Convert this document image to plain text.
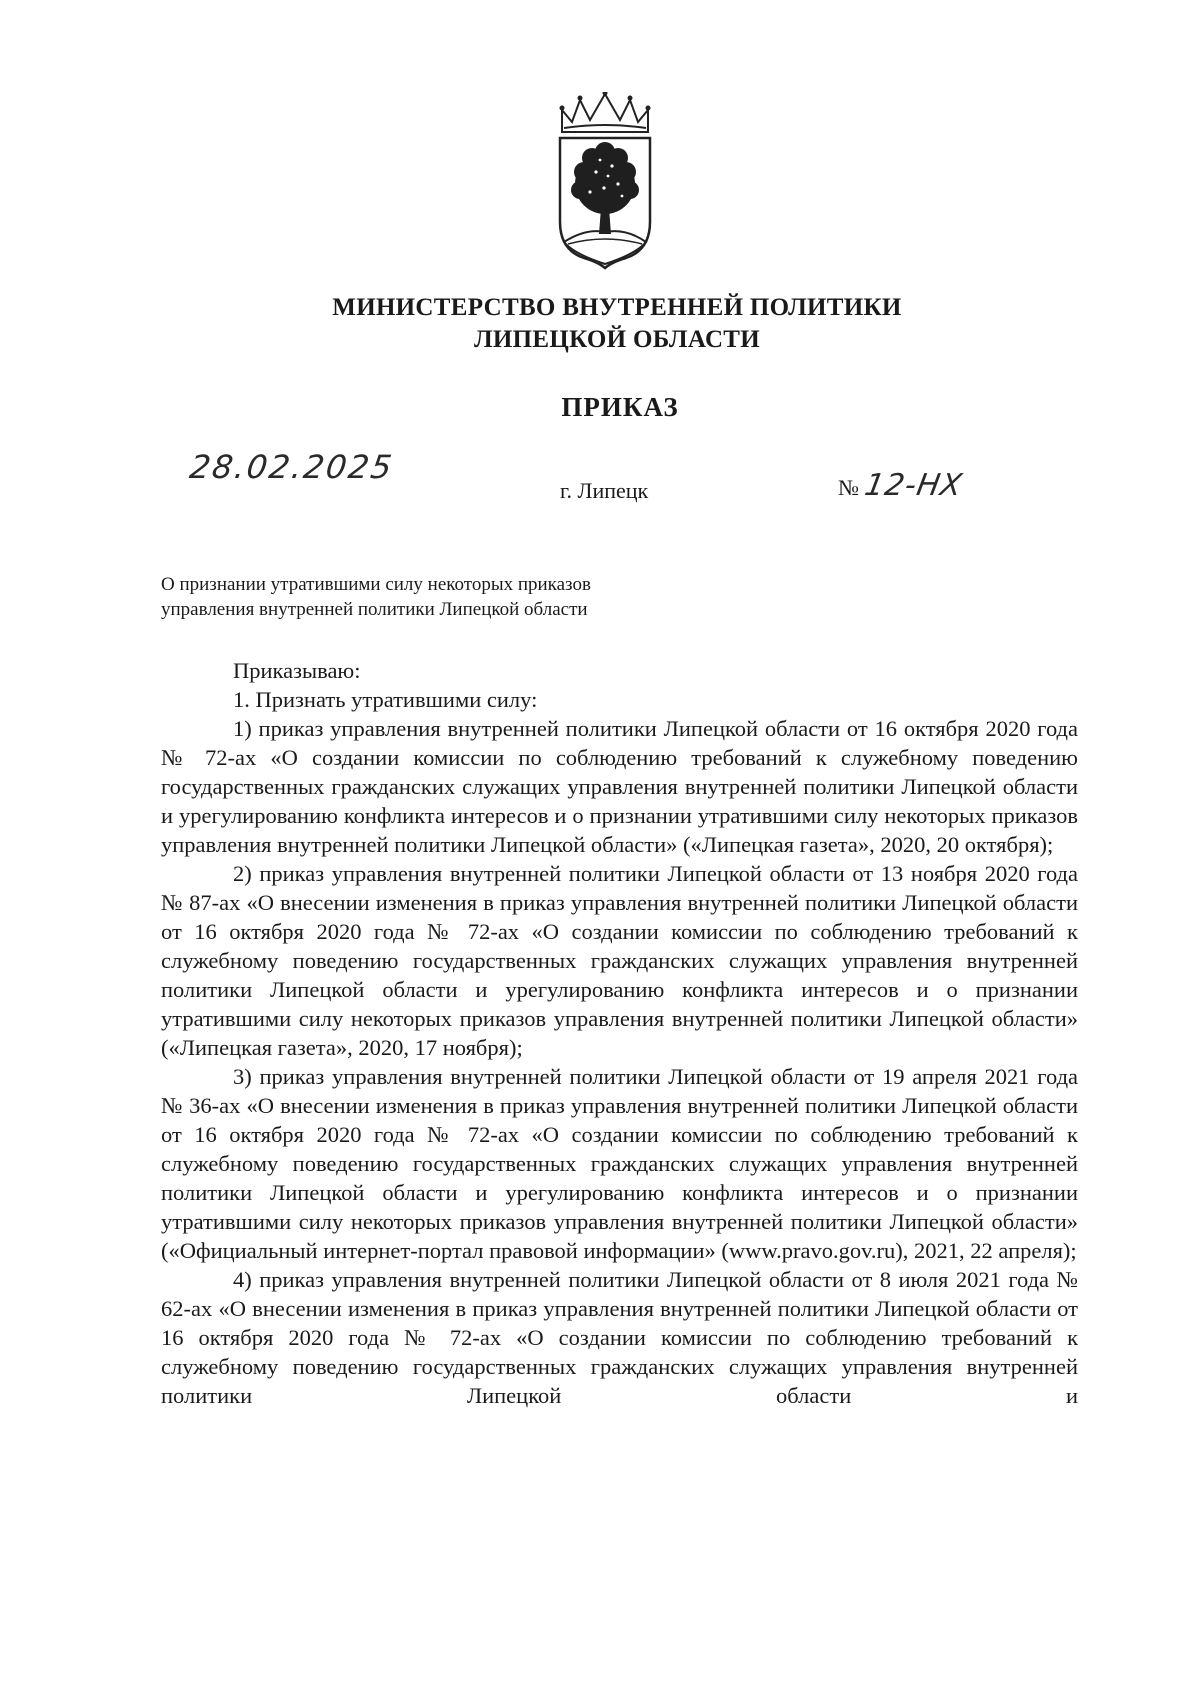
МИНИСТЕРСТВО ВНУТРЕННЕЙ ПОЛИТИКИ
ЛИПЕЦКОЙ ОБЛАСТИ
ПРИКАЗ
28.02.2025
г. Липецк	№12-НХ
О признании утратившими силу некоторых приказов
управления внутренней политики Липецкой области

Приказываю:

1. Признать утратившими силу:

1) приказ управления внутренней политики Липецкой области от 16 октября 2020 года № 72-ах «О создании комиссии по соблюдению требований к служебному поведению государственных гражданских служащих управления внутренней политики Липецкой области и урегулированию конфликта интересов и о признании утратившими силу некоторых приказов управления внутренней политики Липецкой области» («Липецкая газета», 2020, 20 октября);

2) приказ управления внутренней политики Липецкой области от 13 ноября 2020 года № 87-ах «О внесении изменения в приказ управления внутренней политики Липецкой области от 16 октября 2020 года № 72-ах «О создании комиссии по соблюдению требований к служебному поведению государственных гражданских служащих управления внутренней политики Липецкой области и урегулированию конфликта интересов и о признании утратившими силу некоторых приказов управления внутренней политики Липецкой области» («Липецкая газета», 2020, 17 ноября);

3) приказ управления внутренней политики Липецкой области от 19 апреля 2021 года № 36-ах «О внесении изменения в приказ управления внутренней политики Липецкой области от 16 октября 2020 года № 72-ах «О создании комиссии по соблюдению требований к служебному поведению государственных гражданских служащих управления внутренней политики Липецкой области и урегулированию конфликта интересов и о признании утратившими силу некоторых приказов управления внутренней политики Липецкой области» («Официальный интернет-портал правовой информации» (www.pravo.gov.ru), 2021, 22 апреля);

4) приказ управления внутренней политики Липецкой области от 8 июля 2021 года № 62-ах «О внесении изменения в приказ управления внутренней политики Липецкой области от 16 октября 2020 года № 72-ах «О создании комиссии по соблюдению требований к служебному поведению государственных гражданских служащих управления внутренней политики Липецкой области и
